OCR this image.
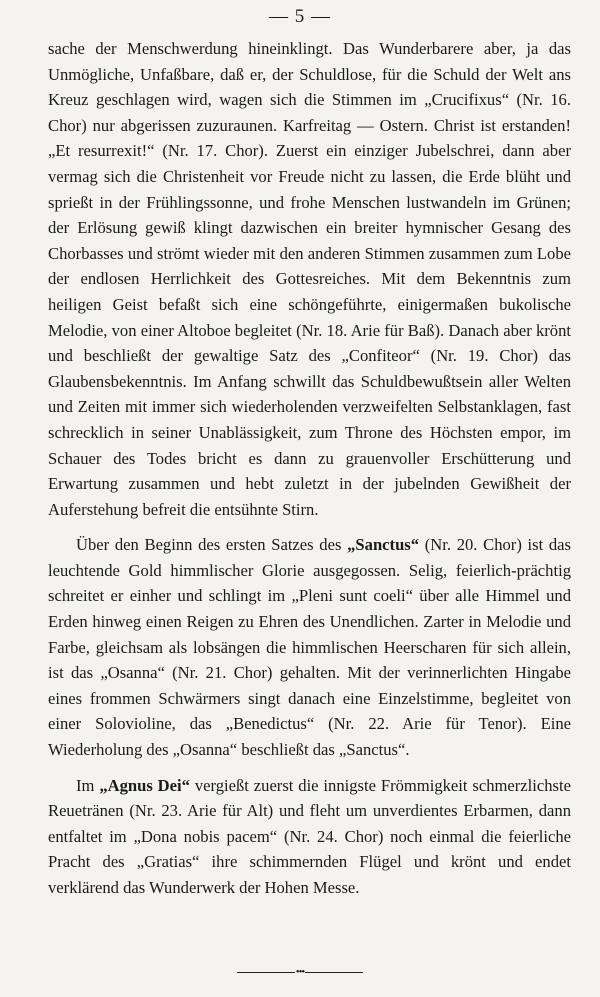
— 5 —

sache der Menschwerdung hineinklingt. Das Wunderbarere aber, ja das Unmögliche, Unfaßbare, daß er, der Schuldlose, für die Schuld der Welt ans Kreuz geschlagen wird, wagen sich die Stimmen im „Crucifixus“ (Nr. 16. Chor) nur abgerissen zuzuraunen. Karfreitag — Ostern. Christ ist erstanden! „Et resurrexit!“ (Nr. 17. Chor). Zuerst ein einziger Jubelschrei, dann aber vermag sich die Christenheit vor Freude nicht zu lassen, die Erde blüht und sprießt in der Frühlingssonne, und frohe Menschen lustwandeln im Grünen; der Erlösung gewiß klingt dazwischen ein breiter hymnischer Gesang des Chorbasses und strömt wieder mit den anderen Stimmen zusammen zum Lobe der endlosen Herrlichkeit des Gottesreiches. Mit dem Bekenntnis zum heiligen Geist befaßt sich eine schöngeführte, einigermaßen bukolische Melodie, von einer Altoboe begleitet (Nr. 18. Arie für Baß). Danach aber krönt und beschließt der gewaltige Satz des „Confiteor“ (Nr. 19. Chor) das Glaubensbekenntnis. Im Anfang schwillt das Schuldbewußtsein aller Welten und Zeiten mit immer sich wiederholenden verzweifelten Selbstanklagen, fast schrecklich in seiner Unablässigkeit, zum Throne des Höchsten empor, im Schauer des Todes bricht es dann zu grauenvoller Erschütterung und Erwartung zusammen und hebt zuletzt in der jubelnden Gewißheit der Auferstehung befreit die entsühnte Stirn.

Über den Beginn des ersten Satzes des „Sanctus“ (Nr. 20. Chor) ist das leuchtende Gold himmlischer Glorie ausgegossen. Selig, feierlich-prächtig schreitet er einher und schlingt im „Pleni sunt coeli“ über alle Himmel und Erden hinweg einen Reigen zu Ehren des Unendlichen. Zarter in Melodie und Farbe, gleichsam als lobsängen die himmlischen Heerscharen für sich allein, ist das „Osanna“ (Nr. 21. Chor) gehalten. Mit der verinnerlichten Hingabe eines frommen Schwärmers singt danach eine Einzelstimme, begleitet von einer Solovioline, das „Benedictus“ (Nr. 22. Arie für Tenor). Eine Wiederholung des „Osanna“ beschließt das „Sanctus“.

Im „Agnus Dei“ vergießt zuerst die innigste Frömmigkeit schmerzlichste Reuetränen (Nr. 23. Arie für Alt) und fleht um unverdientes Erbarmen, dann entfaltet im „Dona nobis pacem“ (Nr. 24. Chor) noch einmal die feierliche Pracht des „Gratias“ ihre schimmernden Flügel und krönt und endet verklärend das Wunderwerk der Hohen Messe.

•••
